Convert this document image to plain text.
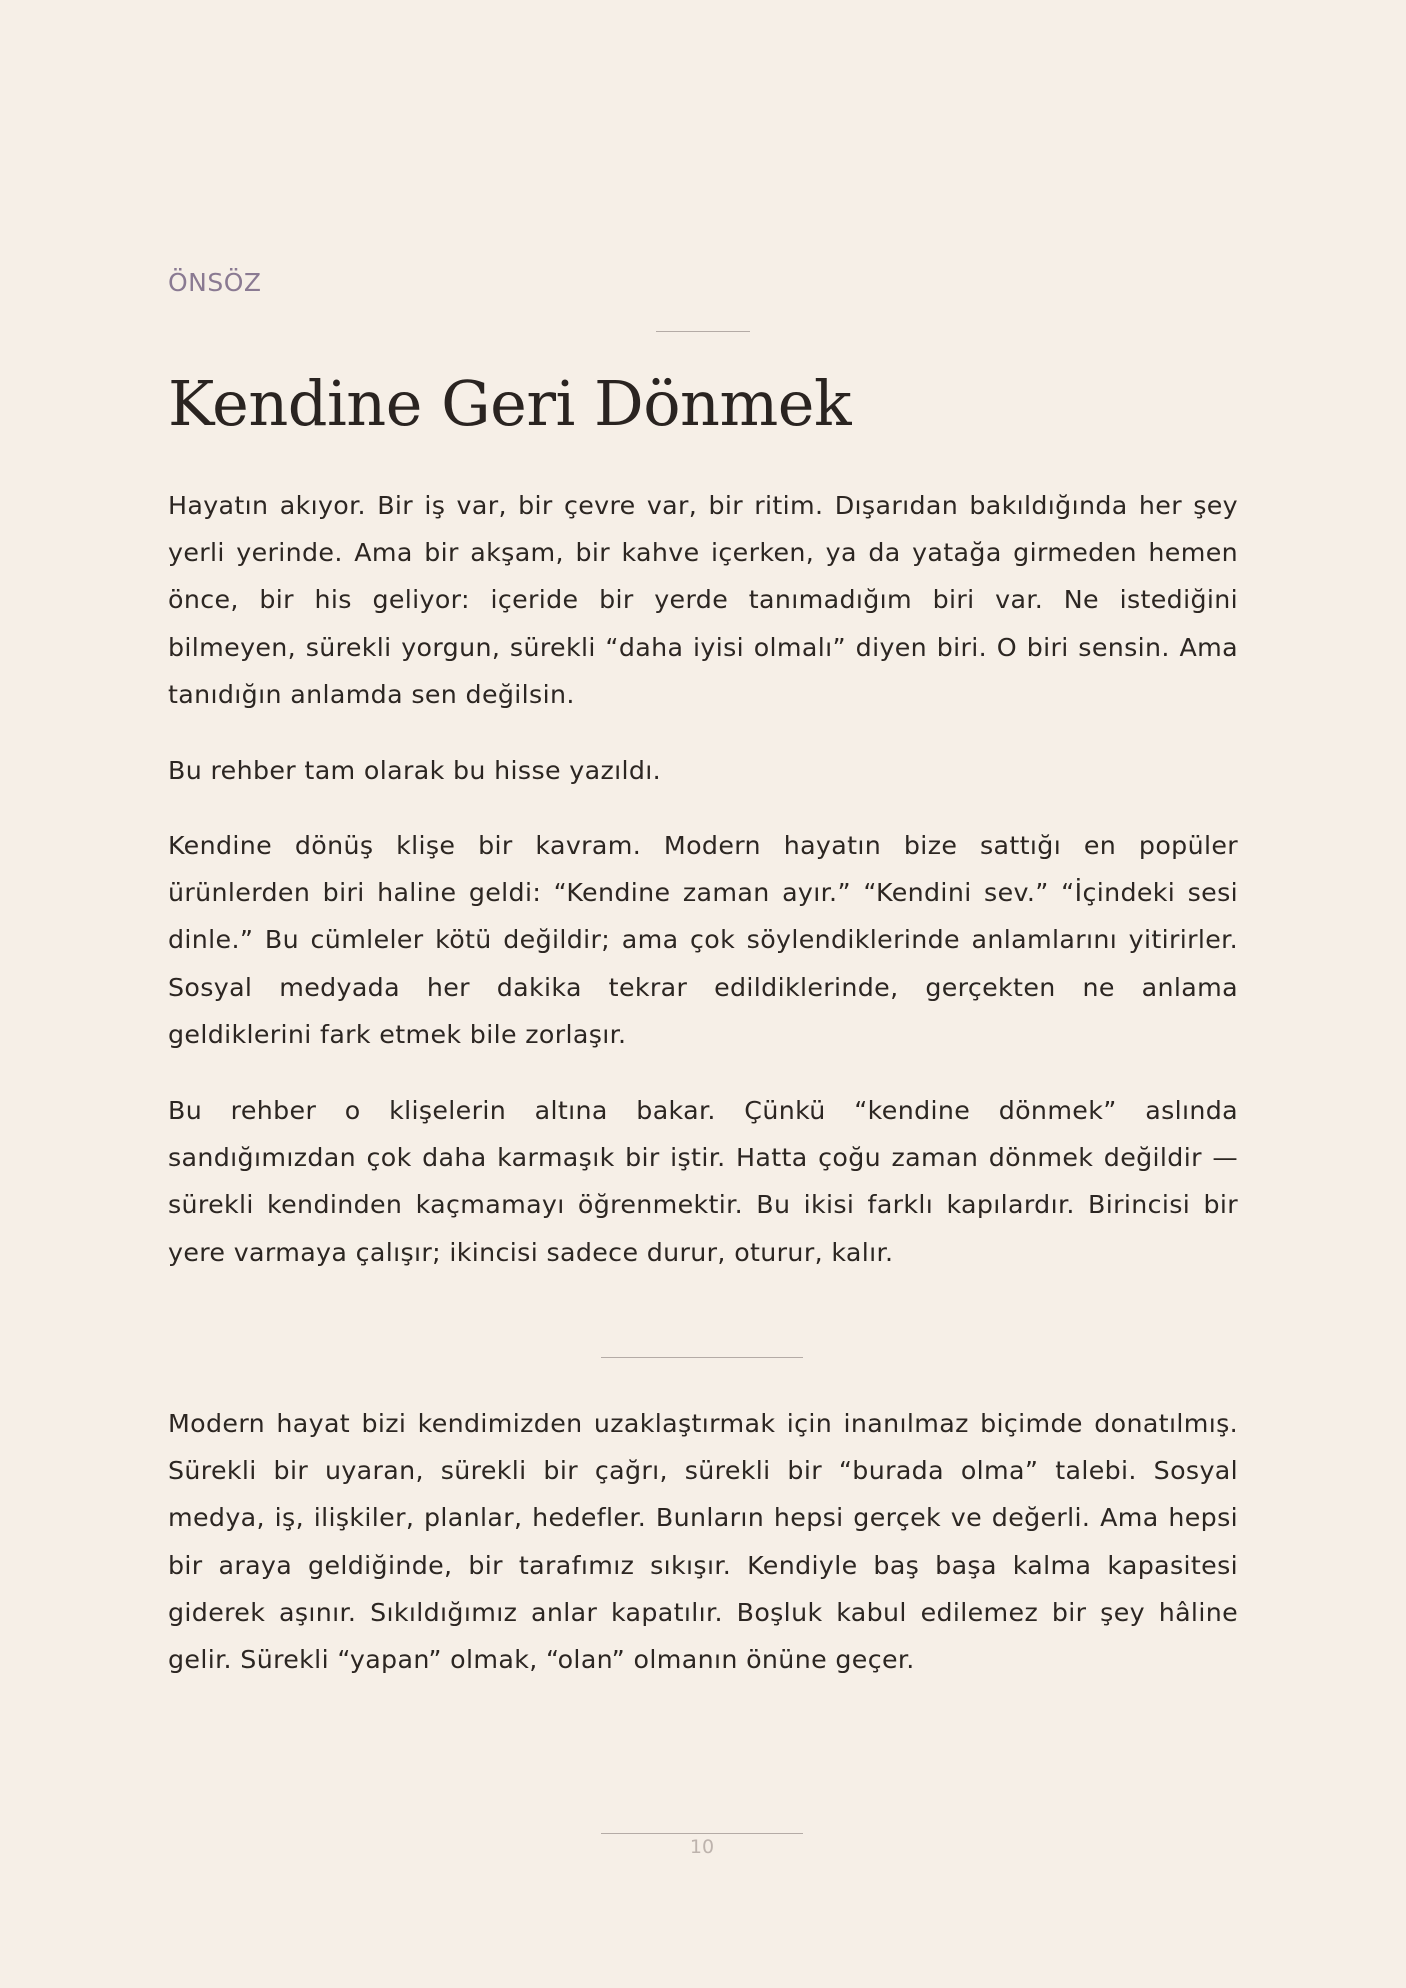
ÖNSÖZ
Kendine Geri Dönmek

Hayatın akıyor. Bir iş var, bir çevre var, bir ritim. Dışarıdan bakıldığında her şey yerli yerinde. Ama bir akşam, bir kahve içerken, ya da yatağa girmeden hemen önce, bir his geliyor: içeride bir yerde tanımadığım biri var. Ne istediğini bilmeyen, sürekli yorgun, sürekli “daha iyisi olmalı” diyen biri. O biri sensin. Ama tanıdığın anlamda sen değilsin.

Bu rehber tam olarak bu hisse yazıldı.

Kendine dönüş klişe bir kavram. Modern hayatın bize sattığı en popüler ürünlerden biri haline geldi: “Kendine zaman ayır.” “Kendini sev.” “İçindeki sesi dinle.” Bu cümleler kötü değildir; ama çok söylendiklerinde anlamlarını yitirirler. Sosyal medyada her dakika tekrar edildiklerinde, gerçekten ne anlama geldiklerini fark etmek bile zorlaşır.

Bu rehber o klişelerin altına bakar. Çünkü “kendine dönmek” aslında sandığımızdan çok daha karmaşık bir iştir. Hatta çoğu zaman dönmek değildir — sürekli kendinden kaçmamayı öğrenmektir. Bu ikisi farklı kapılardır. Birincisi bir yere varmaya çalışır; ikincisi sadece durur, oturur, kalır.

Modern hayat bizi kendimizden uzaklaştırmak için inanılmaz biçimde donatılmış. Sürekli bir uyaran, sürekli bir çağrı, sürekli bir “burada olma” talebi. Sosyal medya, iş, ilişkiler, planlar, hedefler. Bunların hepsi gerçek ve değerli. Ama hepsi bir araya geldiğinde, bir tarafımız sıkışır. Kendiyle baş başa kalma kapasitesi giderek aşınır. Sıkıldığımız anlar kapatılır. Boşluk kabul edilemez bir şey hâline gelir. Sürekli “yapan” olmak, “olan” olmanın önüne geçer.

10
